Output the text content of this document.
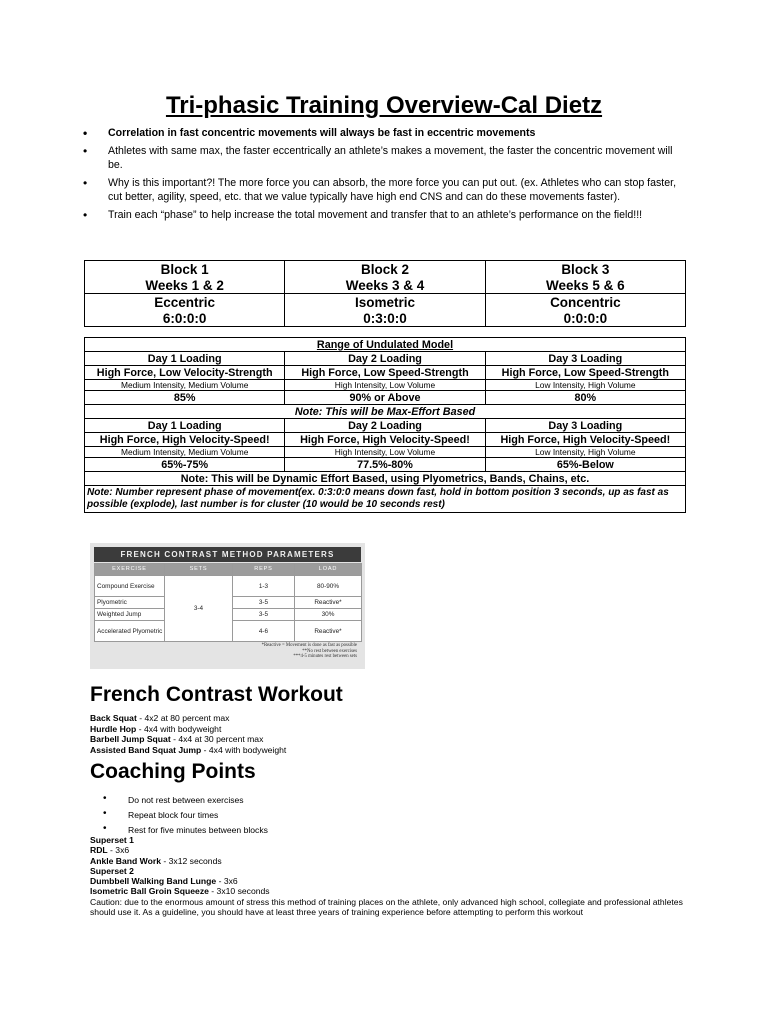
Tri-phasic Training Overview-Cal Dietz
• Correlation in fast concentric movements will always be fast in eccentric movements
• Athletes with same max, the faster eccentrically an athlete’s makes a movement, the faster the concentric movement will be.
• Why is this important?! The more force you can absorb, the more force you can put out. (ex. Athletes who can stop faster, cut better, agility, speed, etc. that we value typically have high end CNS and can do these movements faster).
• Train each “phase” to help increase the total movement and transfer that to an athlete’s performance on the field!!!
Block 1	Block 2	Block 3
Weeks 1 & 2	Weeks 3 & 4	Weeks 5 & 6
Eccentric	Isometric	Concentric
6:0:0:0	0:3:0:0	0:0:0:0
Range of Undulated Model		
Day 1 Loading	Day 2 Loading	Day 3 Loading
High Force, Low Velocity-Strength	High Force, Low Speed-Strength	High Force, Low Speed-Strength
Medium Intensity, Medium Volume	High Intensity, Low Volume	Low Intensity, High Volume
85%	90% or Above	80%
Note: This will be Max-Effort Based		
Day 1 Loading	Day 2 Loading	Day 3 Loading
High Force, High Velocity-Speed!	High Force, High Velocity-Speed!	High Force, High Velocity-Speed!
Medium Intensity, Medium Volume	High Intensity, Low Volume	Low Intensity, High Volume
65%-75%	77.5%-80%	65%-Below
Note: This will be Dynamic Effort Based, using Plyometrics, Bands, Chains, etc.		
Note: Number represent phase of movement(ex. 0:3:0:0 means down fast, hold in bottom position 3 seconds, up as fast as possible (explode), last number is for cluster (10 would be 10 seconds rest)		
FRENCH CONTRAST METHOD PARAMETERS
EXERCISE	SETS	REPS	LOAD
Compound Exercise	3-4	1-3	80-90%
Plyometric		3-5	Reactive*
Weighted Jump		3-5	30%
Accelerated Plyometric		4-6	Reactive*
*Reactive = Movement is done as fast as possible
**No rest between exercises
***4-5 minutes rest between sets
French Contrast Workout
Back Squat - 4x2 at 80 percent max
Hurdle Hop - 4x4 with bodyweight
Barbell Jump Squat - 4x4 at 30 percent max
Assisted Band Squat Jump - 4x4 with bodyweight
Coaching Points
• Do not rest between exercises
• Repeat block four times
• Rest for five minutes between blocks
Superset 1
RDL - 3x6
Ankle Band Work - 3x12 seconds
Superset 2
Dumbbell Walking Band Lunge - 3x6
Isometric Ball Groin Squeeze - 3x10 seconds
Caution: due to the enormous amount of stress this method of training places on the athlete, only advanced high school, collegiate and professional athletes should use it. As a guideline, you should have at least three years of training experience before attempting to perform this workout
